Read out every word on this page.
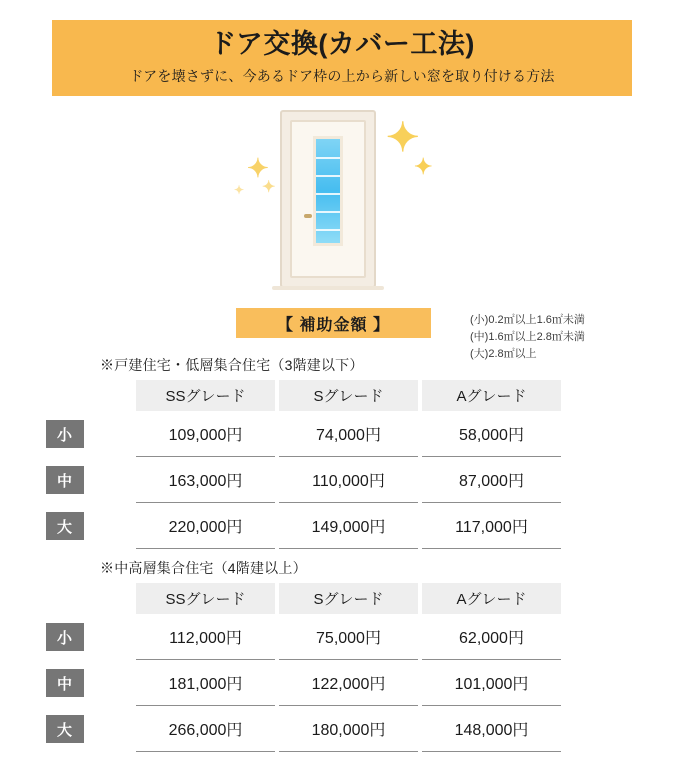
ドア交換(カバー工法)
ドアを壊さずに、今あるドア枠の上から新しい窓を取り付ける方法
✦
✦
✦
✦
✦
【 補助金額 】	(小)0.2㎡以上1.6㎡未満
(中)1.6㎡以上2.8㎡未満
(大)2.8㎡以上
※戸建住宅・低層集合住宅（3階建以下）
SSグレード	Sグレード	Aグレード
小	109,000円	74,000円	58,000円
中	163,000円	110,000円	87,000円
大	220,000円	149,000円	117,000円
※中高層集合住宅（4階建以上）
SSグレード	Sグレード	Aグレード
小	112,000円	75,000円	62,000円
中	181,000円	122,000円	101,000円
大	266,000円	180,000円	148,000円
